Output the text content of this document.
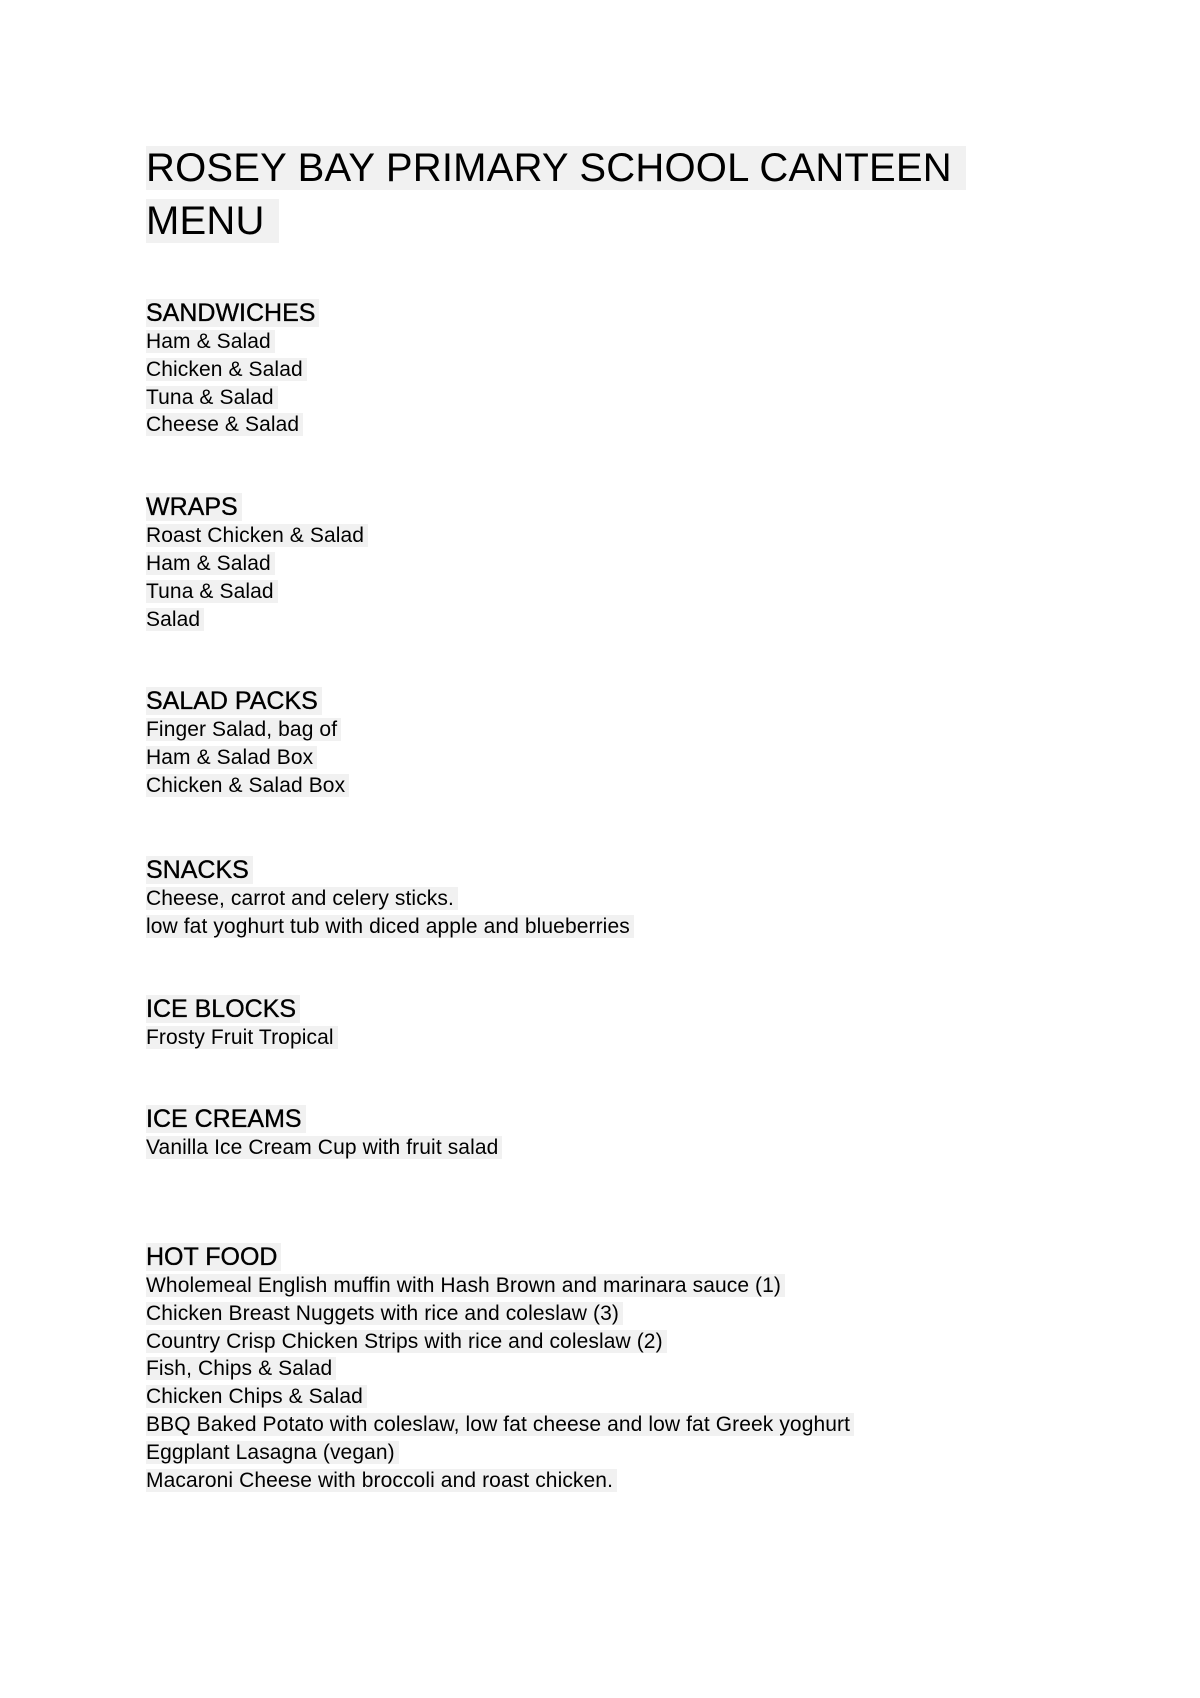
ROSEY BAY PRIMARY SCHOOL CANTEEN
MENU
SANDWICHES
Ham & Salad
Chicken & Salad
Tuna & Salad
Cheese & Salad
WRAPS
Roast Chicken & Salad
Ham & Salad
Tuna & Salad
Salad
SALAD PACKS
Finger Salad, bag of
Ham & Salad Box
Chicken & Salad Box
SNACKS
Cheese, carrot and celery sticks.
low fat yoghurt tub with diced apple and blueberries
ICE BLOCKS
Frosty Fruit Tropical
ICE CREAMS
Vanilla Ice Cream Cup with fruit salad
HOT FOOD
Wholemeal English muffin with Hash Brown and marinara sauce (1)
Chicken Breast Nuggets with rice and coleslaw (3)
Country Crisp Chicken Strips with rice and coleslaw (2)
Fish, Chips & Salad
Chicken Chips & Salad
BBQ Baked Potato with coleslaw, low fat cheese and low fat Greek yoghurt
Eggplant Lasagna (vegan)
Macaroni Cheese with broccoli and roast chicken.
